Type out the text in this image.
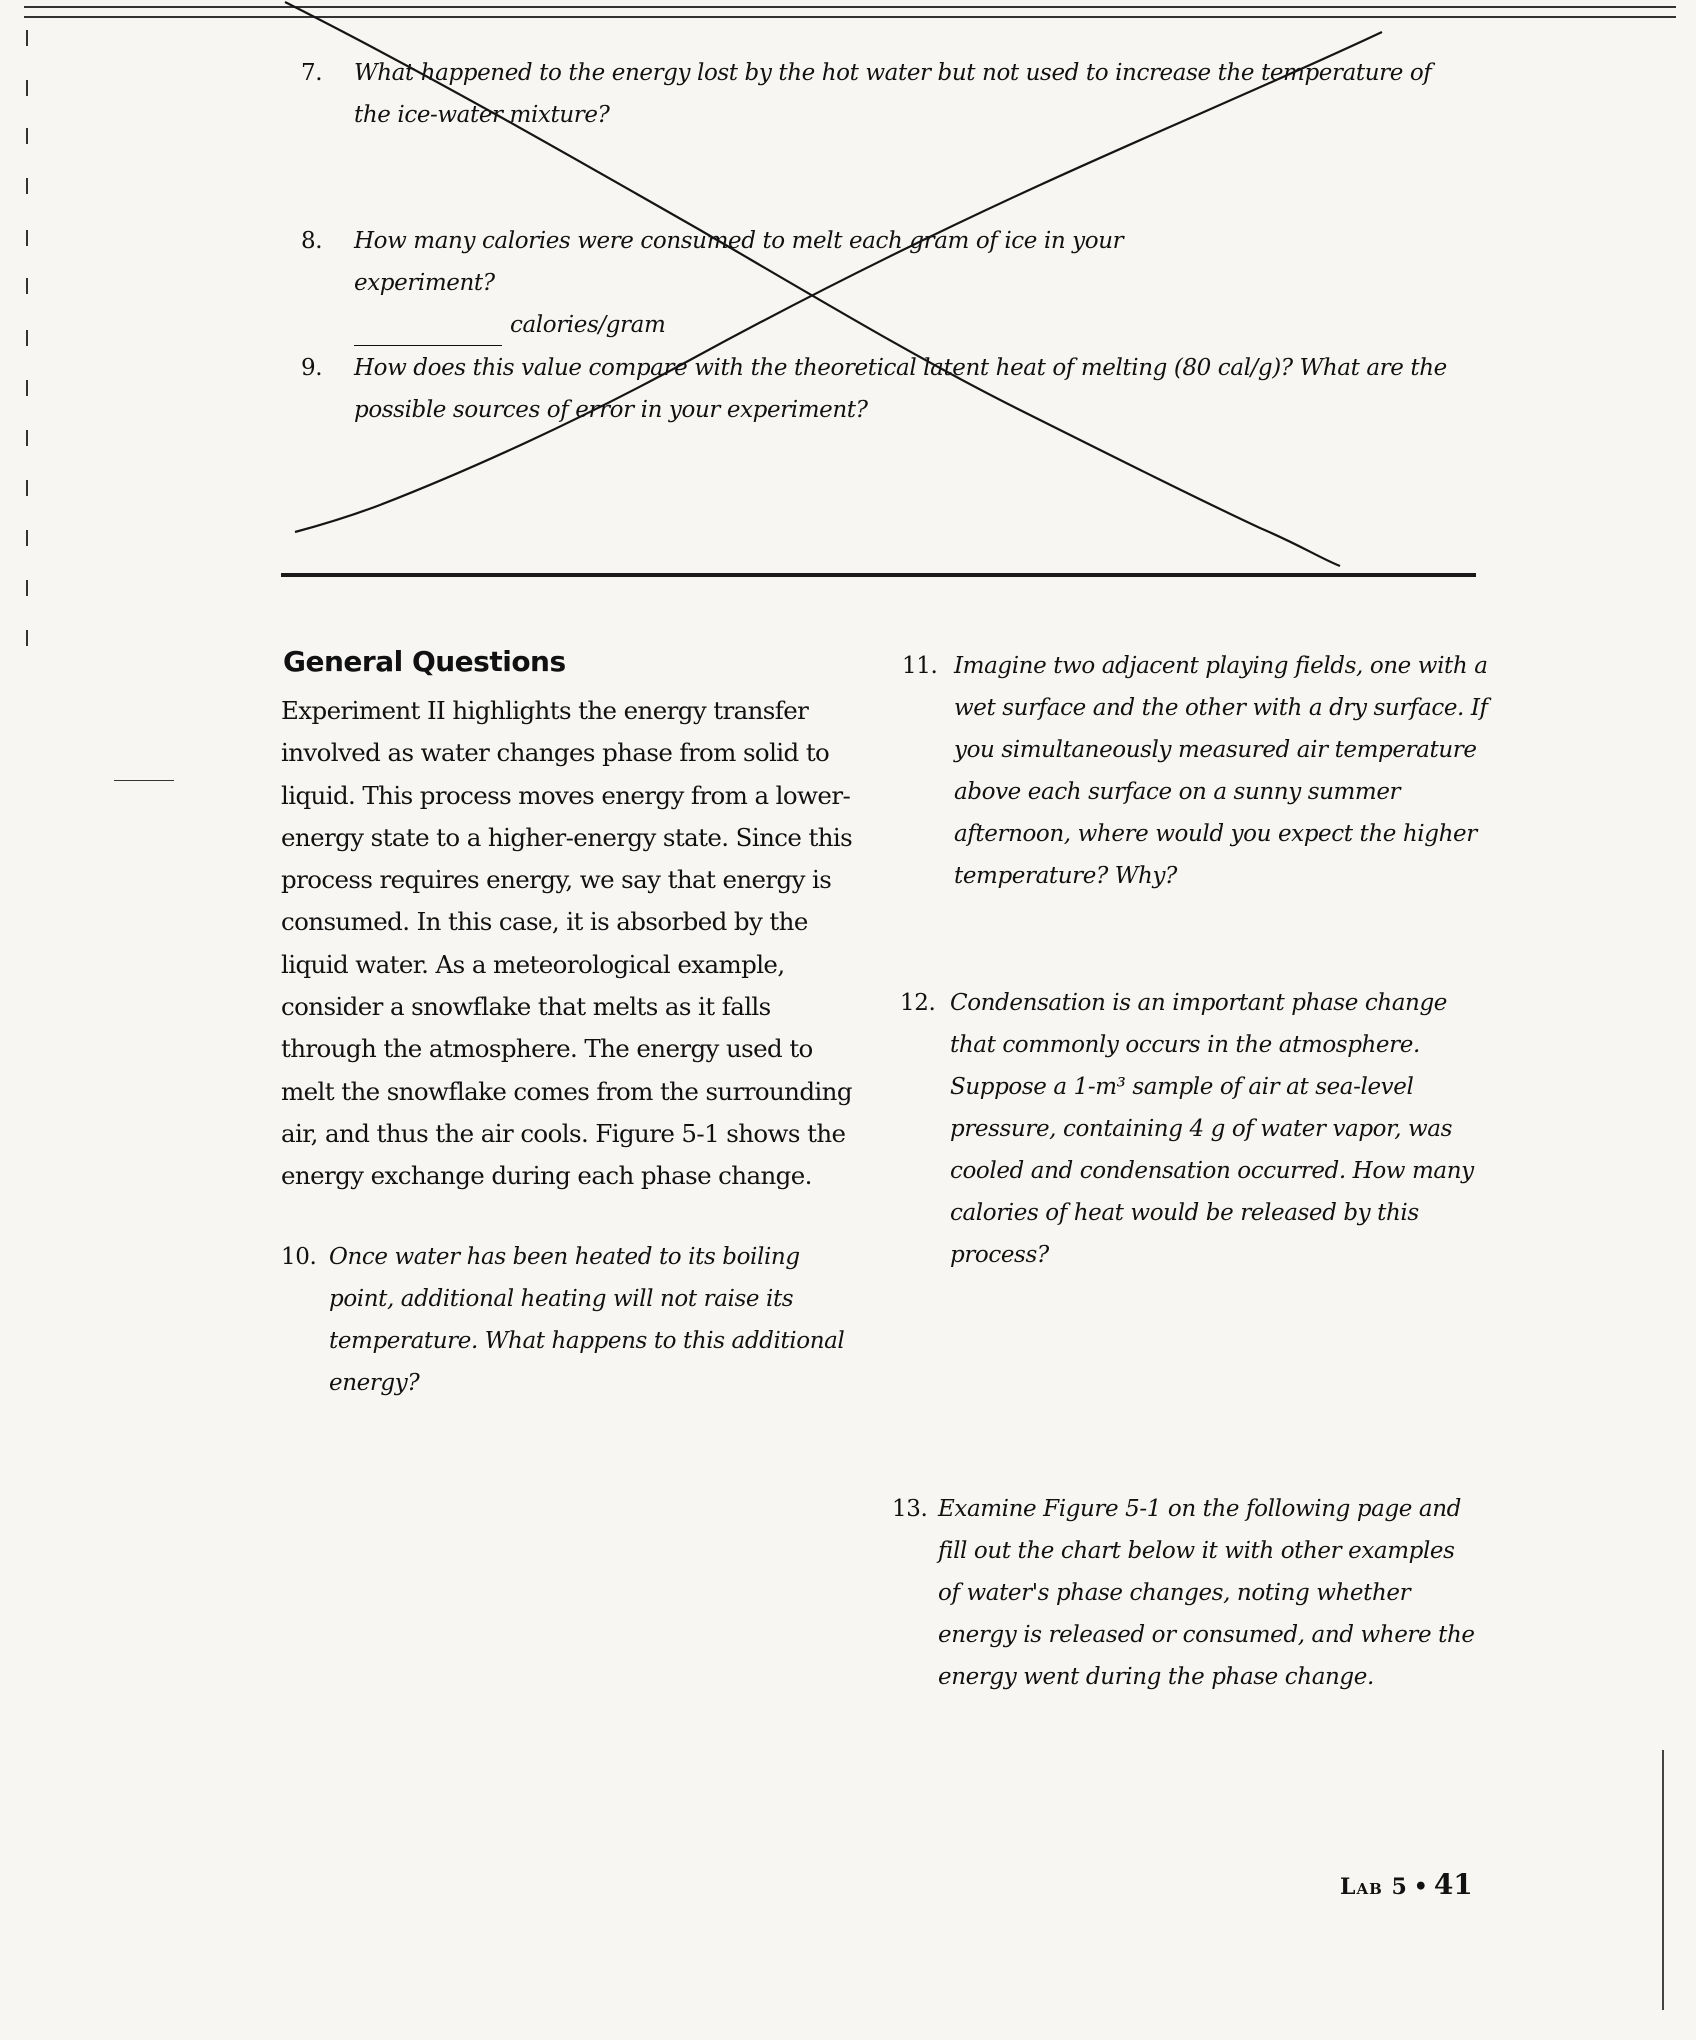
7. What happened to the energy lost by the hot water but not used to increase the temperature of the ice-water mixture?
8. How many calories were consumed to melt each gram of ice in your experiment?
calories/gram
9. How does this value compare with the theoretical latent heat of melting (80 cal/g)? What are the possible sources of error in your experiment?
General Questions

Experiment II highlights the energy transfer involved as water changes phase from solid to liquid. This process moves energy from a lower-energy state to a higher-energy state. Since this process requires energy, we say that energy is consumed. In this case, it is absorbed by the liquid water. As a meteorological example, consider a snowflake that melts as it falls through the atmosphere. The energy used to melt the snowflake comes from the surrounding air, and thus the air cools. Figure 5-1 shows the energy exchange during each phase change.

10. Once water has been heated to its boiling point, additional heating will not raise its temperature. What happens to this additional energy?
11. Imagine two adjacent playing fields, one with a wet surface and the other with a dry surface. If you simultaneously measured air temperature above each surface on a sunny summer afternoon, where would you expect the higher temperature? Why?
12. Condensation is an important phase change that commonly occurs in the atmosphere. Suppose a 1-m³ sample of air at sea-level pressure, containing 4 g of water vapor, was cooled and condensation occurred. How many calories of heat would be released by this process?
13. Examine Figure 5-1 on the following page and fill out the chart below it with other examples of water's phase changes, noting whether energy is released or consumed, and where the energy went during the phase change.
Lab 5 • 41
